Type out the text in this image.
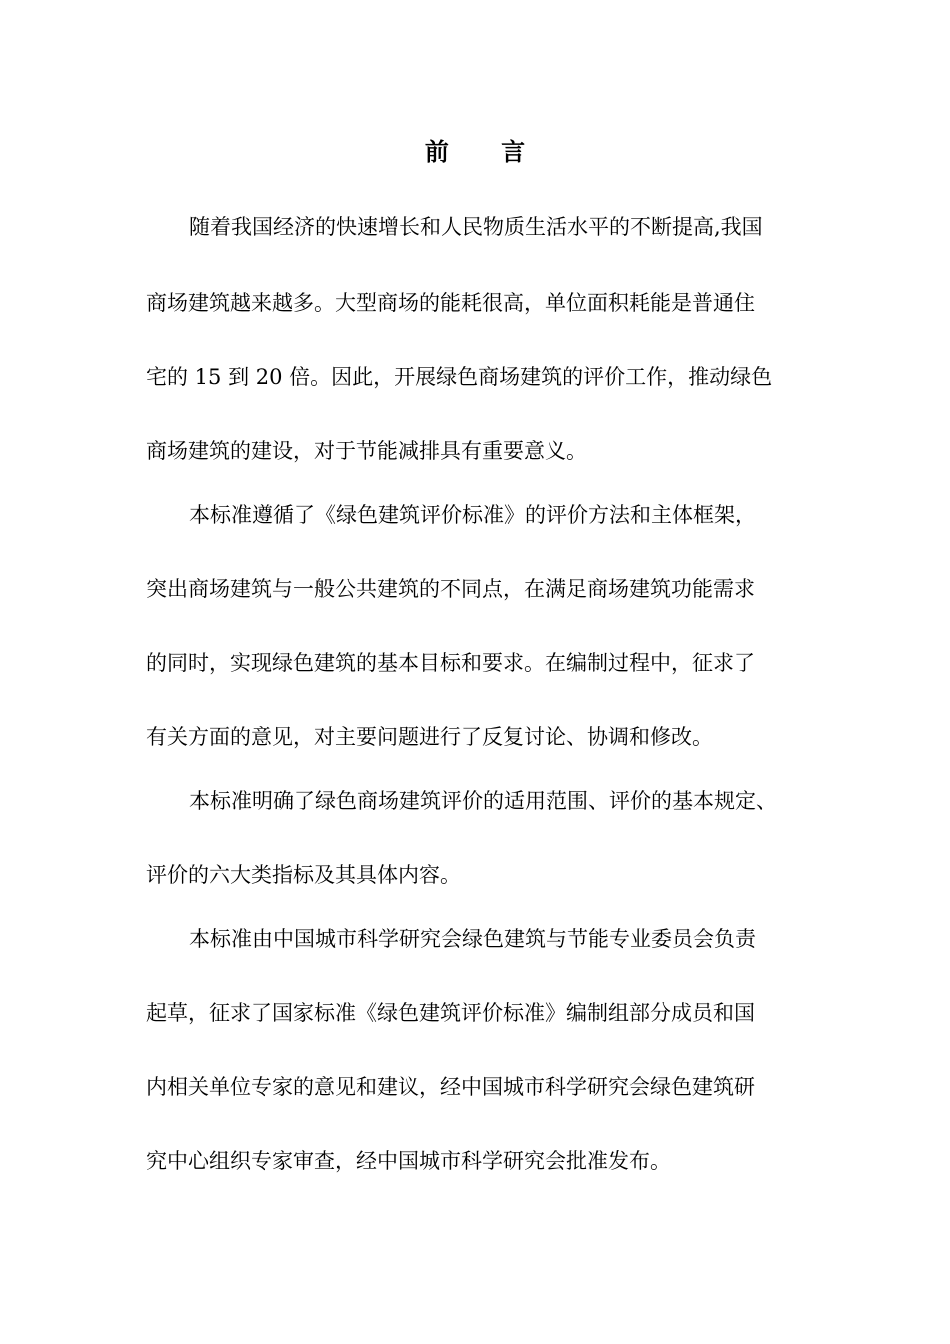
前 言
随着我国经济的快速增长和人民物质生活水平的不断提高,我国
商场建筑越来越多。大型商场的能耗很高，单位面积耗能是普通住
宅的 15 到 20 倍。因此，开展绿色商场建筑的评价工作，推动绿色
商场建筑的建设，对于节能减排具有重要意义。
本标准遵循了《绿色建筑评价标准》的评价方法和主体框架，
突出商场建筑与一般公共建筑的不同点，在满足商场建筑功能需求
的同时，实现绿色建筑的基本目标和要求。在编制过程中，征求了
有关方面的意见，对主要问题进行了反复讨论、协调和修改。
本标准明确了绿色商场建筑评价的适用范围、评价的基本规定、
评价的六大类指标及其具体内容。
本标准由中国城市科学研究会绿色建筑与节能专业委员会负责
起草，征求了国家标准《绿色建筑评价标准》编制组部分成员和国
内相关单位专家的意见和建议，经中国城市科学研究会绿色建筑研
究中心组织专家审查，经中国城市科学研究会批准发布。
